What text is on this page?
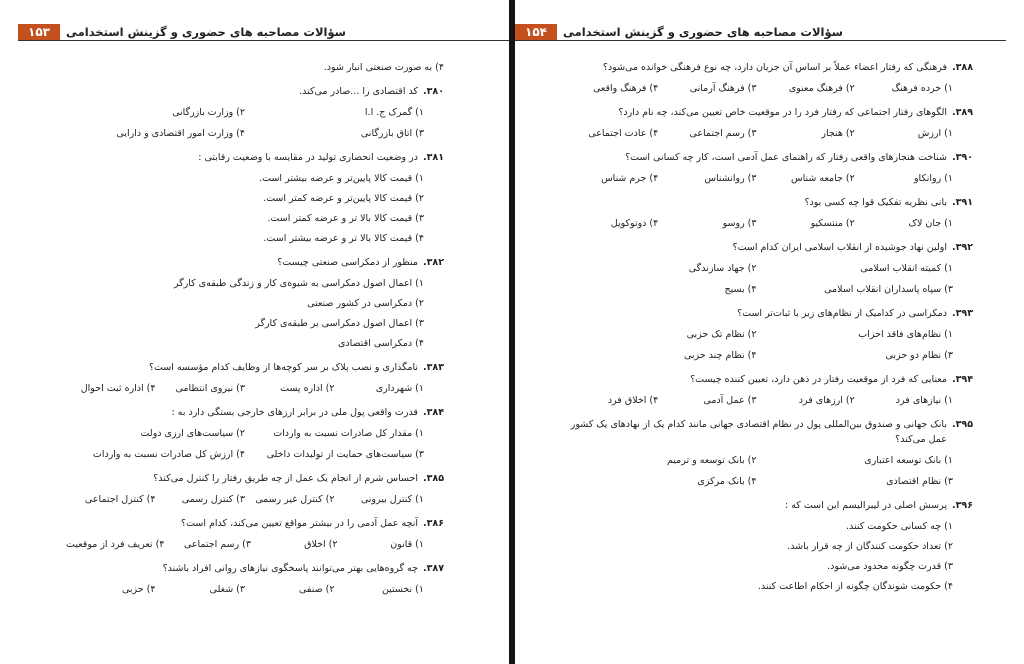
۱۵۳	سؤالات مصاحبه های حضوری و گزینش استخدامی
۴) به صورت صنعتی انبار شود.
۳۸۰.
کد اقتصادی را ...صادر می‌کند.
۱) گمرک ج. ا.ا
۲) وزارت بازرگانی
۳) اتاق بازرگانی
۴) وزارت امور اقتصادی و دارایی
۳۸۱.
در وضعیت انحصاری تولید در مقایسه با وضعیت رقابتی :
۱) قیمت کالا پایین‌تر و عرضه بیشتر است.
۲) قیمت کالا پایین‌تر و عرضه کمتر است.
۳) قیمت کالا بالا تر و عرضه کمتر است.
۴) قیمت کالا بالا تر و عرضه بیشتر است.
۳۸۲.
منظور از دمکراسی صنعتی چیست؟
۱) اعمال اصول دمکراسی به شیوه‌ی کار و زندگی طبقه‌ی کارگر
۲) دمکراسی در کشور صنعتی
۳) اعمال اصول دمکراسی بر طبقه‌ی کارگر
۴) دمکراسی اقتصادی
۳۸۳.
نامگذاری و نصب پلاک بر سر کوچه‌ها از وظایف کدام مؤسسه است؟
۱) شهرداری
۲) اداره پست
۳) نیروی انتظامی
۴) اداره ثبت احوال
۳۸۴.
قدرت واقعی پول ملی در برابر ارزهای خارجی بستگی دارد به :
۱) مقدار کل صادرات نسبت به واردات
۲) سیاست‌های ارزی دولت
۳) سیاست‌های حمایت از تولیدات داخلی
۴) ارزش کل صادرات نسبت به واردات
۳۸۵.
احساس شرم از انجام یک عمل از چه طریق رفتار را کنترل می‌کند؟
۱) کنترل بیرونی
۲) کنترل غیر رسمی
۳) کنترل رسمی
۴) کنترل اجتماعی
۳۸۶.
آنچه عمل آدمی را در بیشتر مواقع تعیین می‌کند، کدام است؟
۱) قانون
۲) اخلاق
۳) رسم اجتماعی
۴) تعریف فرد از موقعیت
۳۸۷.
چه گروه‌هایی بهتر می‌توانند پاسخگوی نیازهای روانی افراد باشند؟
۱) نخستین
۲) صنفی
۳) شغلی
۴) حزبی
۱۵۴	سؤالات مصاحبه های حضوری و گزینش استخدامی
۳۸۸.
فرهنگی که رفتار اعضاء عملاً بر اساس آن جریان دارد، چه نوع فرهنگی خوانده می‌شود؟
۱) خرده فرهنگ
۲) فرهنگ معنوی
۳) فرهنگ آرمانی
۴) فرهنگ واقعی
۳۸۹.
الگوهای رفتار اجتماعی که رفتار فرد را در موقعیت خاص تعیین می‌کند، چه نام دارد؟
۱) ارزش
۲) هنجار
۳) رسم اجتماعی
۴) عادت اجتماعی
۳۹۰.
شناخت هنجارهای واقعی رفتار که راهنمای عمل آدمی است، کار چه کسانی است؟
۱) روانکاو
۲) جامعه شناس
۳) روانشناس
۴) جرم شناس
۳۹۱.
بانی نظریه تفکیک قوا چه کسی بود؟
۱) جان لاک
۲) منتسکیو
۳) روسو
۴) دوتوکویل
۳۹۲.
اولین نهاد جوشیده از انقلاب اسلامی ایران کدام است؟
۱) کمیته انقلاب اسلامی
۲) جهاد سازندگی
۳) سپاه پاسداران انقلاب اسلامی
۴) بسیج
۳۹۳.
دمکراسی در کدامیک از نظام‌های زیر با ثبات‌تر است؟
۱) نظام‌های فاقد احزاب
۲) نظام تک حزبی
۳) نظام دو حزبی
۴) نظام چند حزبی
۳۹۴.
معنایی که فرد از موقعیت رفتار در ذهن دارد، تعیین کننده چیست؟
۱) نیازهای فرد
۲) ارزهای فرد
۳) عمل آدمی
۴) اخلاق فرد
۳۹۵.
بانک جهانی و صندوق بین‌المللی پول در نظام اقتصادی جهانی مانند کدام یک از نهادهای یک کشور عمل می‌کند؟
۱) بانک توسعه اعتباری
۲) بانک توسعه و ترمیم
۳) نظام اقتصادی
۴) بانک مرکزی
۳۹۶.
پرسش اصلی در لیبرالیسم این است که :
۱) چه کسانی حکومت کنند.
۲) تعداد حکومت کنندگان از چه قرار باشد.
۳) قدرت چگونه محدود می‌شود.
۴) حکومت شوندگان چگونه از احکام اطاعت کنند.
